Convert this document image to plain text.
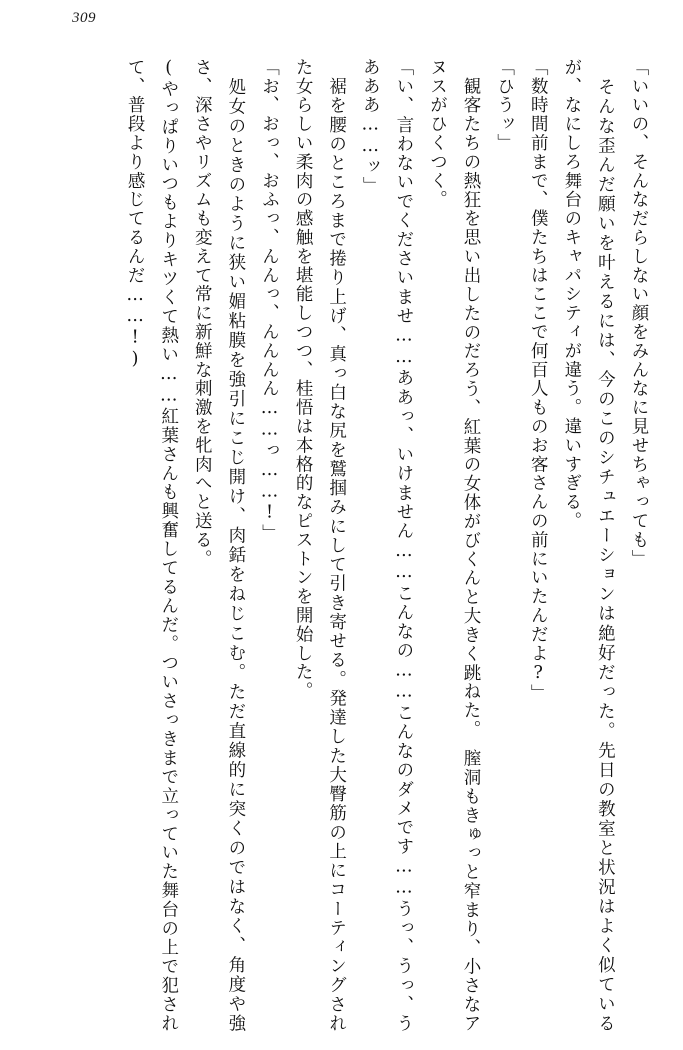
309

「いいの、そんなだらしない顔をみんなに見せちゃっても」

　そんな歪んだ願いを叶えるには、今のこのシチュエーションは絶好だった。先日の教室と状況はよく似ているが、なにしろ舞台のキャパシティが違う。違いすぎる。

「数時間前まで、僕たちはここで何百人ものお客さんの前にいたんだよ?」

「ひうッ」

　観客たちの熱狂を思い出したのだろう、紅葉の女体がびくんと大きく跳ねた。　膣洞もきゅっと窄まり、小さなアヌスがひくつく。

「い、言わないでくださいませ……ああっ、いけません……こんなの……こんなのダメです……うっ、うっ、うあああ……ッ」

　裾を腰のところまで捲り上げ、真っ白な尻を鷲掴みにして引き寄せる。発達した大臀筋の上にコーティングされた女らしい柔肉の感触を堪能しつつ、桂悟は本格的なピストンを開始した。

「お、おっ、おふっ、んんっ、んんんん……っ……!」

　処女のときのように狭い媚粘膜を強引にこじ開け、肉銛をねじこむ。ただ直線的に突くのではなく、角度や強さ、深さやリズムも変えて常に新鮮な刺激を牝肉へと送る。

(やっぱりいつもよりキツくて熱い……紅葉さんも興奮してるんだ。ついさっきまで立っていた舞台の上で犯されて、普段より感じてるんだ……!)
